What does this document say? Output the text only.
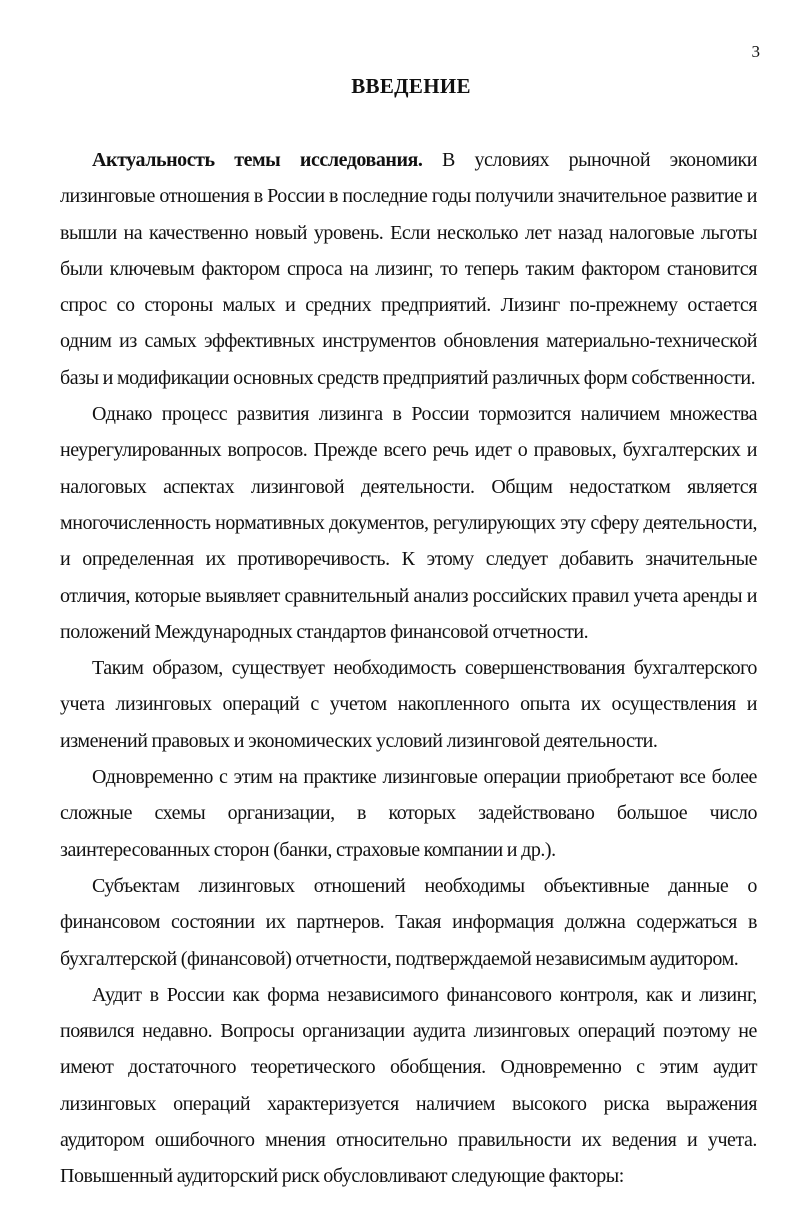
3
ВВЕДЕНИЕ

Актуальность темы исследования. В условиях рыночной экономики лизинговые отношения в России в последние годы получили значительное развитие и вышли на качественно новый уровень. Если несколько лет назад налоговые льготы были ключевым фактором спроса на лизинг, то теперь таким фактором становится спрос со стороны малых и средних предприятий. Лизинг по-прежнему остается одним из самых эффективных инструментов обновления материально-технической базы и модификации основных средств предприятий различных форм собственности.

Однако процесс развития лизинга в России тормозится наличием множества неурегулированных вопросов. Прежде всего речь идет о правовых, бухгалтерских и налоговых аспектах лизинговой деятельности. Общим недостатком является многочисленность нормативных документов, регулирующих эту сферу деятельности, и определенная их противоречивость. К этому следует добавить значительные отличия, которые выявляет сравнительный анализ российских правил учета аренды и положений Международных стандартов финансовой отчетности.

Таким образом, существует необходимость совершенствования бухгалтерского учета лизинговых операций с учетом накопленного опыта их осуществления и изменений правовых и экономических условий лизинговой деятельности.

Одновременно с этим на практике лизинговые операции приобретают все более сложные схемы организации, в которых задействовано большое число заинтересованных сторон (банки, страховые компании и др.).

Субъектам лизинговых отношений необходимы объективные данные о финансовом состоянии их партнеров. Такая информация должна содержаться в бухгалтерской (финансовой) отчетности, подтверждаемой независимым аудитором.

Аудит в России как форма независимого финансового контроля, как и лизинг, появился недавно. Вопросы организации аудита лизинговых операций поэтому не имеют достаточного теоретического обобщения. Одновременно с этим аудит лизинговых операций характеризуется наличием высокого риска выражения аудитором ошибочного мнения относительно правильности их ведения и учета. Повышенный аудиторский риск обусловливают следующие факторы:
